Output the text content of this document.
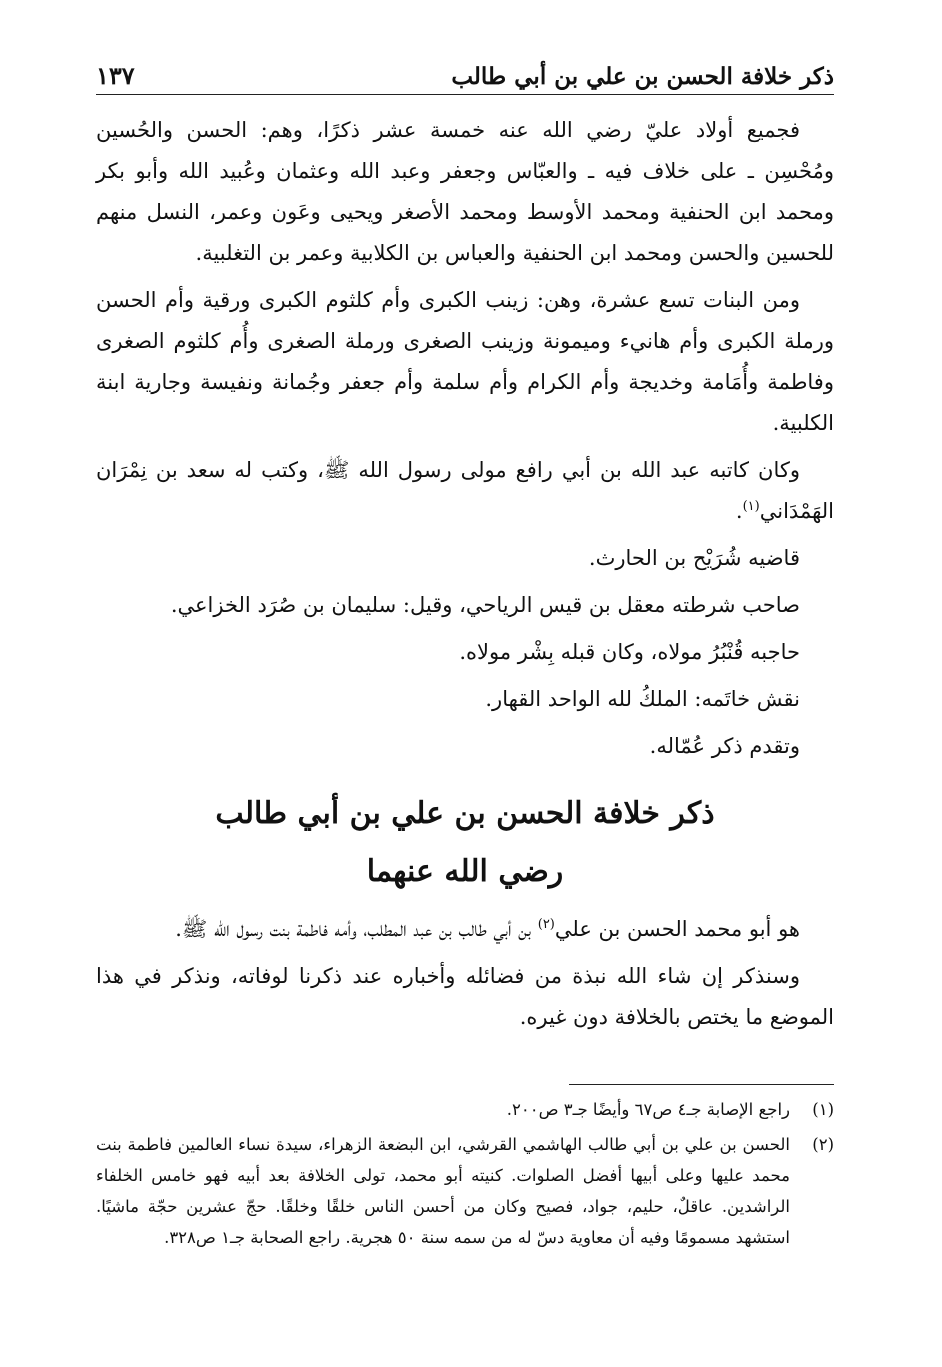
ذكر خلافة الحسن بن علي بن أبي طالب
١٣٧

فجميع أولاد عليّ رضي الله عنه خمسة عشر ذكرًا، وهم: الحسن والحُسين ومُحْسِن ـ على خلاف فيه ـ والعبّاس وجعفر وعبد الله وعثمان وعُبيد الله وأبو بكر ومحمد ابن الحنفية ومحمد الأوسط ومحمد الأصغر ويحيى وعَون وعمر، النسل منهم للحسين والحسن ومحمد ابن الحنفية والعباس بن الكلابية وعمر بن التغلبية.

ومن البنات تسع عشرة، وهن: زينب الكبرى وأم كلثوم الكبرى ورقية وأم الحسن ورملة الكبرى وأم هانيء وميمونة وزينب الصغرى ورملة الصغرى وأُم كلثوم الصغرى وفاطمة وأُمَامة وخديجة وأم الكرام وأم سلمة وأم جعفر وجُمانة ونفيسة وجارية ابنة الكلبية.

وكان كاتبه عبد الله بن أبي رافع مولى رسول الله ﷺ، وكتب له سعد بن نِمْرَان الهَمْدَاني$^{(١)}$.

قاضيه شُرَيْح بن الحارث.

صاحب شرطته معقل بن قيس الرياحي، وقيل: سليمان بن صُرَد الخزاعي.

حاجبه قُنْبُرُ مولاه، وكان قبله بِشْر مولاه.

نقش خاتَمه: الملكُ لله الواحد القهار.

وتقدم ذكر عُمّاله.

ذكر خلافة الحسن بن علي بن أبي طالب
رضي الله عنهما

هو أبو محمد الحسن بن علي$^{(٢)}$ بن أبي طالب بن عبد المطلب، وأمه فاطمة بنت رسول الله ﷺ.

وسنذكر إن شاء الله نبذة من فضائله وأخباره عند ذكرنا لوفاته، ونذكر في هذا الموضع ما يختص بالخلافة دون غيره.

(١)
راجع الإصابة جـ٤ ص٦٧ وأيضًا جـ٣ ص٢٠٠.
(٢)
الحسن بن علي بن أبي طالب الهاشمي القرشي، ابن البضعة الزهراء، سيدة نساء العالمين فاطمة بنت محمد عليها وعلى أبيها أفضل الصلوات. كنيته أبو محمد، تولى الخلافة بعد أبيه فهو خامس الخلفاء الراشدين. عاقلٌ، حليم، جواد، فصيح وكان من أحسن الناس خلقًا وخلقًا. حجّ عشرين حجّة ماشيًا. استشهد مسمومًا وفيه أن معاوية دسّ له من سمه سنة ٥٠ هجرية. راجع الصحابة جـ١ ص٣٢٨.
